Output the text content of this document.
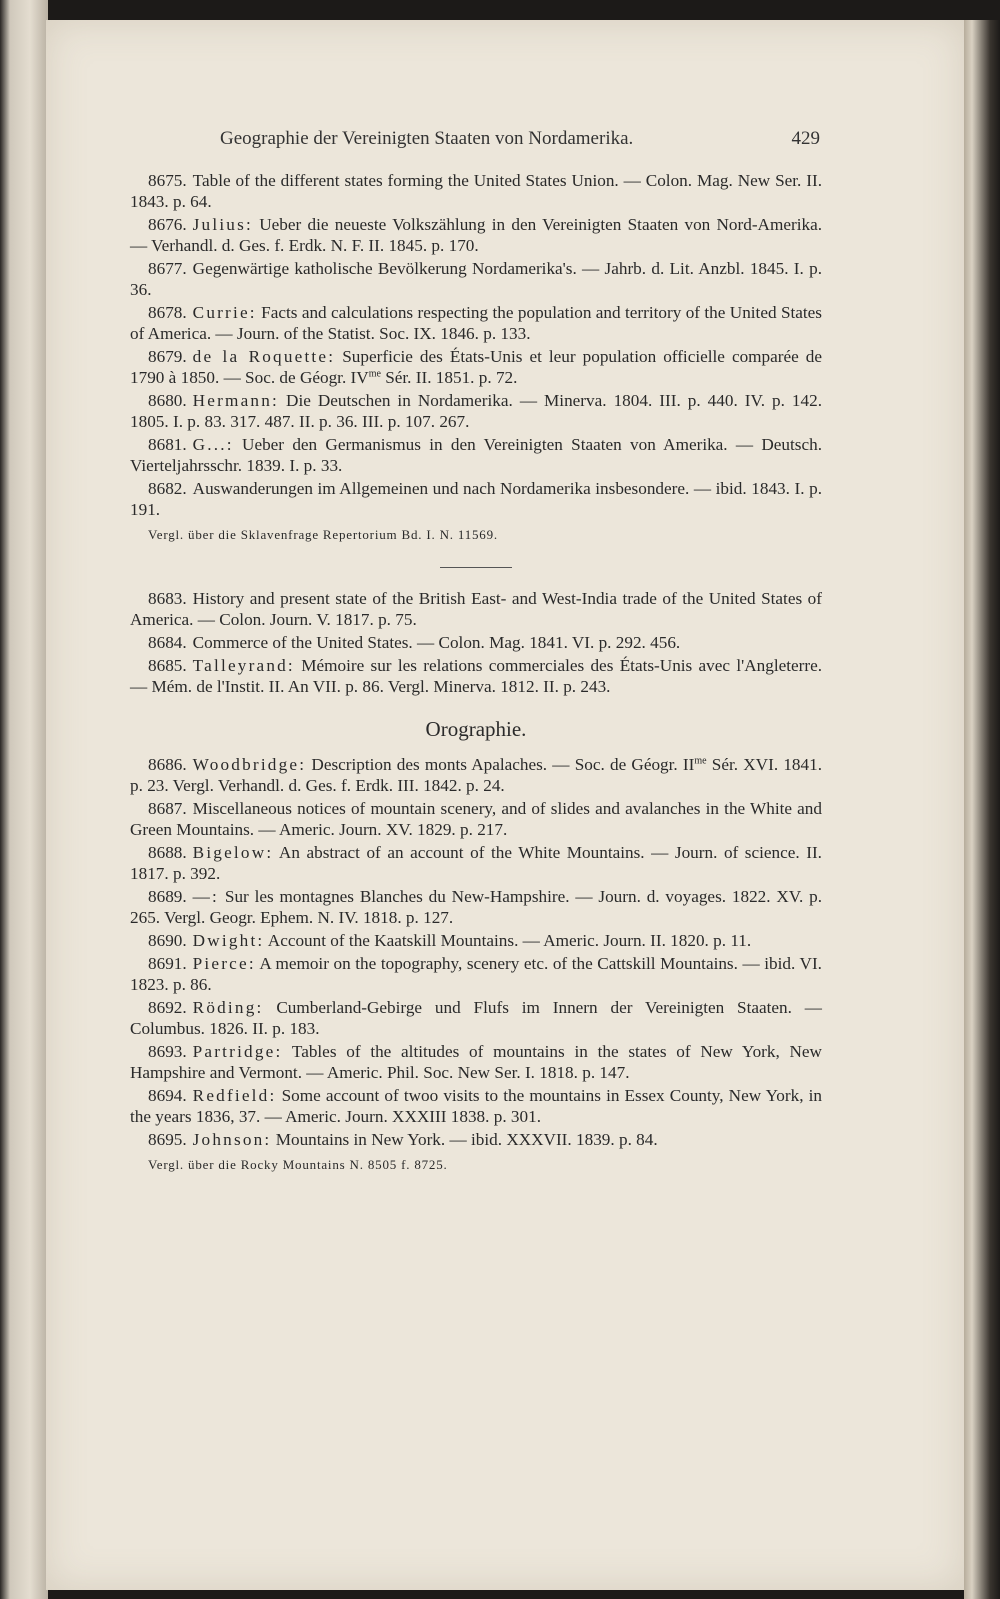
Geographie der Vereinigten Staaten von Nordamerika.	429

8675. Table of the different states forming the United States Union. — Colon. Mag. New Ser. II. 1843. p. 64.

8676. Julius: Ueber die neueste Volkszählung in den Vereinigten Staaten von Nord-Amerika. — Verhandl. d. Ges. f. Erdk. N. F. II. 1845. p. 170.

8677. Gegenwärtige katholische Bevölkerung Nordamerika's. — Jahrb. d. Lit. Anzbl. 1845. I. p. 36.

8678. Currie: Facts and calculations respecting the population and territory of the United States of America. — Journ. of the Statist. Soc. IX. 1846. p. 133.

8679. de la Roquette: Superficie des États-Unis et leur population officielle comparée de 1790 à 1850. — Soc. de Géogr. $IV^{me}$ Sér. II. 1851. p. 72.

8680. Hermann: Die Deutschen in Nordamerika. — Minerva. 1804. III. p. 440. IV. p. 142. 1805. I. p. 83. 317. 487. II. p. 36. III. p. 107. 267.

8681. G...: Ueber den Germanismus in den Vereinigten Staaten von Amerika. — Deutsch. Vierteljahrsschr. 1839. I. p. 33.

8682. Auswanderungen im Allgemeinen und nach Nordamerika insbesondere. — ibid. 1843. I. p. 191.

Vergl. über die Sklavenfrage Repertorium Bd. I. N. 11569.

8683. History and present state of the British East- and West-India trade of the United States of America. — Colon. Journ. V. 1817. p. 75.

8684. Commerce of the United States. — Colon. Mag. 1841. VI. p. 292. 456.

8685. Talleyrand: Mémoire sur les relations commerciales des États-Unis avec l'Angleterre. — Mém. de l'Instit. II. An VII. p. 86. Vergl. Minerva. 1812. II. p. 243.

Orographie.

8686. Woodbridge: Description des monts Apalaches. — Soc. de Géogr. $II^{me}$ Sér. XVI. 1841. p. 23. Vergl. Verhandl. d. Ges. f. Erdk. III. 1842. p. 24.

8687. Miscellaneous notices of mountain scenery, and of slides and avalanches in the White and Green Mountains. — Americ. Journ. XV. 1829. p. 217.

8688. Bigelow: An abstract of an account of the White Mountains. — Journ. of science. II. 1817. p. 392.

8689. —: Sur les montagnes Blanches du New-Hampshire. — Journ. d. voyages. 1822. XV. p. 265. Vergl. Geogr. Ephem. N. IV. 1818. p. 127.

8690. Dwight: Account of the Kaatskill Mountains. — Americ. Journ. II. 1820. p. 11.

8691. Pierce: A memoir on the topography, scenery etc. of the Cattskill Mountains. — ibid. VI. 1823. p. 86.

8692. Röding: Cumberland-Gebirge und Flufs im Innern der Vereinigten Staaten. — Columbus. 1826. II. p. 183.

8693. Partridge: Tables of the altitudes of mountains in the states of New York, New Hampshire and Vermont. — Americ. Phil. Soc. New Ser. I. 1818. p. 147.

8694. Redfield: Some account of twoo visits to the mountains in Essex County, New York, in the years 1836, 37. — Americ. Journ. XXXIII 1838. p. 301.

8695. Johnson: Mountains in New York. — ibid. XXXVII. 1839. p. 84.

Vergl. über die Rocky Mountains N. 8505 f. 8725.
